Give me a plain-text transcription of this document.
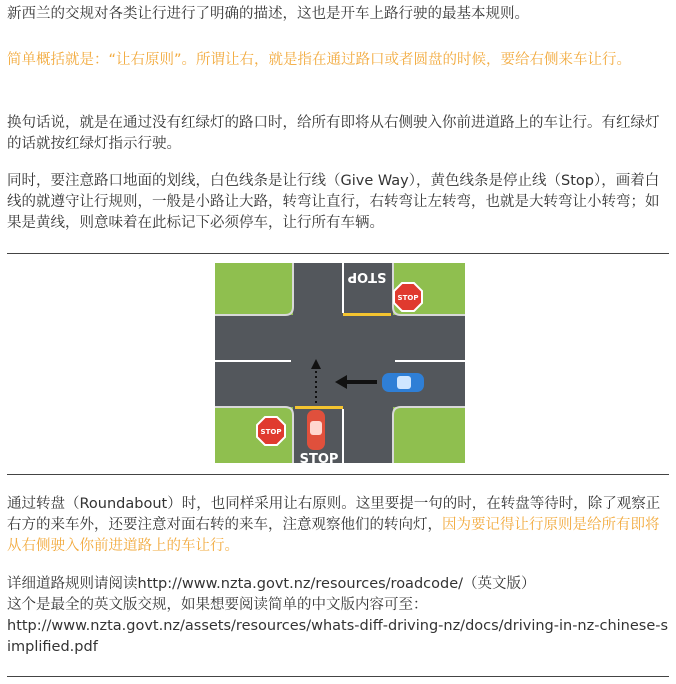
新西兰的交规对各类让行进行了明确的描述，这也是开车上路行驶的最基本规则。

简单概括就是：“让右原则”。所谓让右，就是指在通过路口或者圆盘的时候，要给右侧来车让行。

换句话说，就是在通过没有红绿灯的路口时，给所有即将从右侧驶入你前进道路上的车让行。有红绿灯的话就按红绿灯指示行驶。

同时，要注意路口地面的划线，白色线条是让行线（Give Way），黄色线条是停止线（Stop），画着白线的就遵守让行规则，一般是小路让大路，转弯让直行，右转弯让左转弯，也就是大转弯让小转弯；如果是黄线，则意味着在此标记下必须停车，让行所有车辆。

STOP
STOP
STOP
STOP

通过转盘（Roundabout）时，也同样采用让右原则。这里要提一句的时，在转盘等待时，除了观察正右方的来车外，还要注意对面右转的来车，注意观察他们的转向灯，因为要记得让行原则是给所有即将从右侧驶入你前进道路上的车让行。

详细道路规则请阅读http://www.nzta.govt.nz/resources/roadcode/（英文版）
这个是最全的英文版交规，如果想要阅读简单的中文版内容可至：
http://www.nzta.govt.nz/assets/resources/whats-diff-driving-nz/docs/driving-in-nz-chinese-simplified.pdf
